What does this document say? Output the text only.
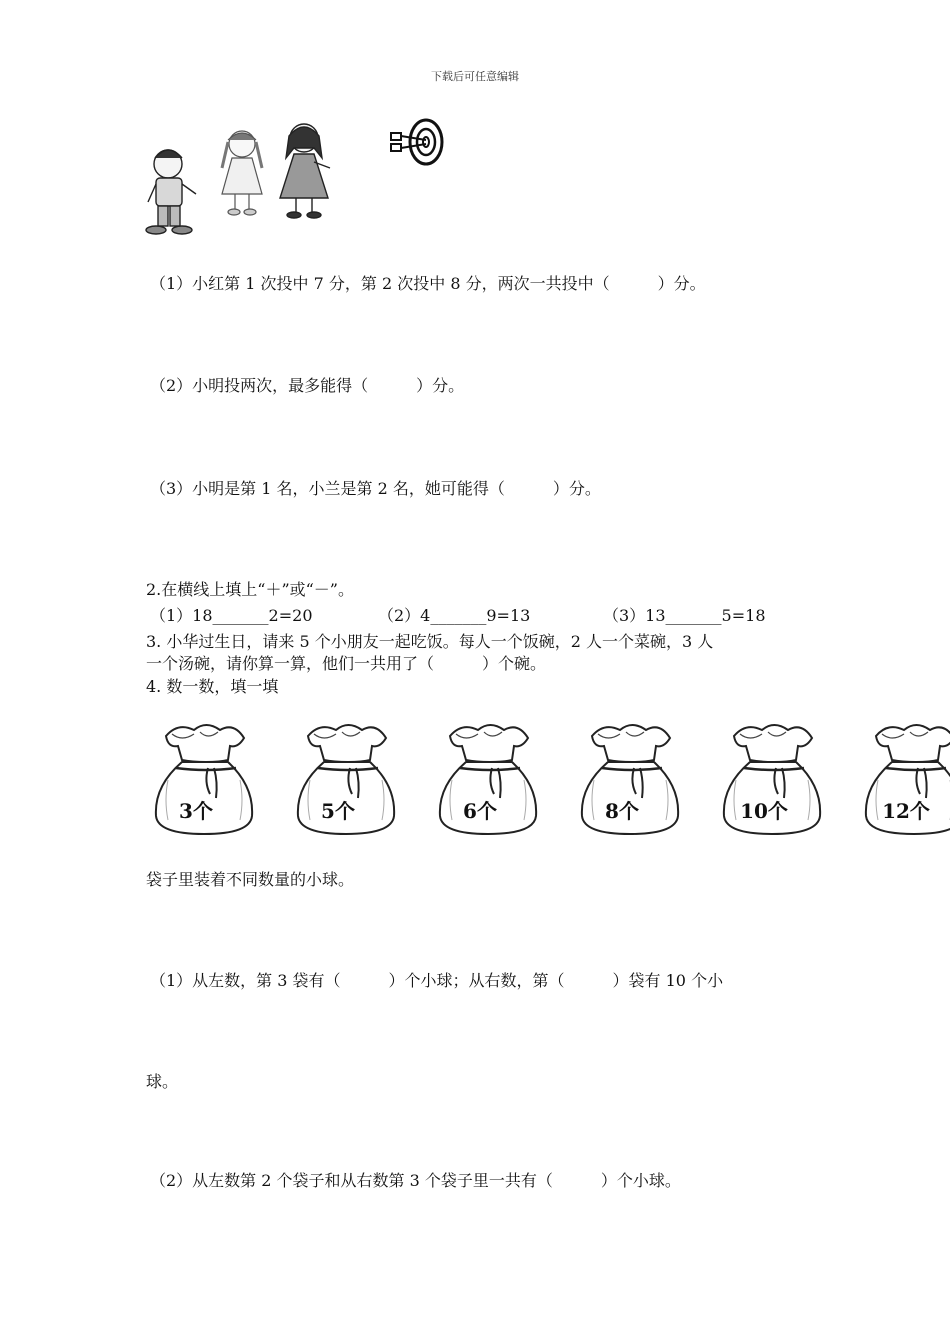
下载后可任意编辑
（1）小红第 1 次投中 7 分，第 2 次投中 8 分，两次一共投中（　　　）分。
（2）小明投两次，最多能得（　　　）分。
（3）小明是第 1 名，小兰是第 2 名，她可能得（　　　）分。
2.在横线上填上“＋”或“－”。
（1）18_______2=20	（2）4_______9=13	（3）13_______5=18
3. 小华过生日，请来 5 个小朋友一起吃饭。每人一个饭碗，2 人一个菜碗，3 人
一个汤碗，请你算一算，他们一共用了（　　　）个碗。
4. 数一数，填一填
3个	5个	6个	8个	10个	12个
袋子里装着不同数量的小球。
（1）从左数，第 3 袋有（　　　）个小球；从右数，第（　　　）袋有 10 个小
球。
（2）从左数第 2 个袋子和从右数第 3 个袋子里一共有（　　　）个小球。
